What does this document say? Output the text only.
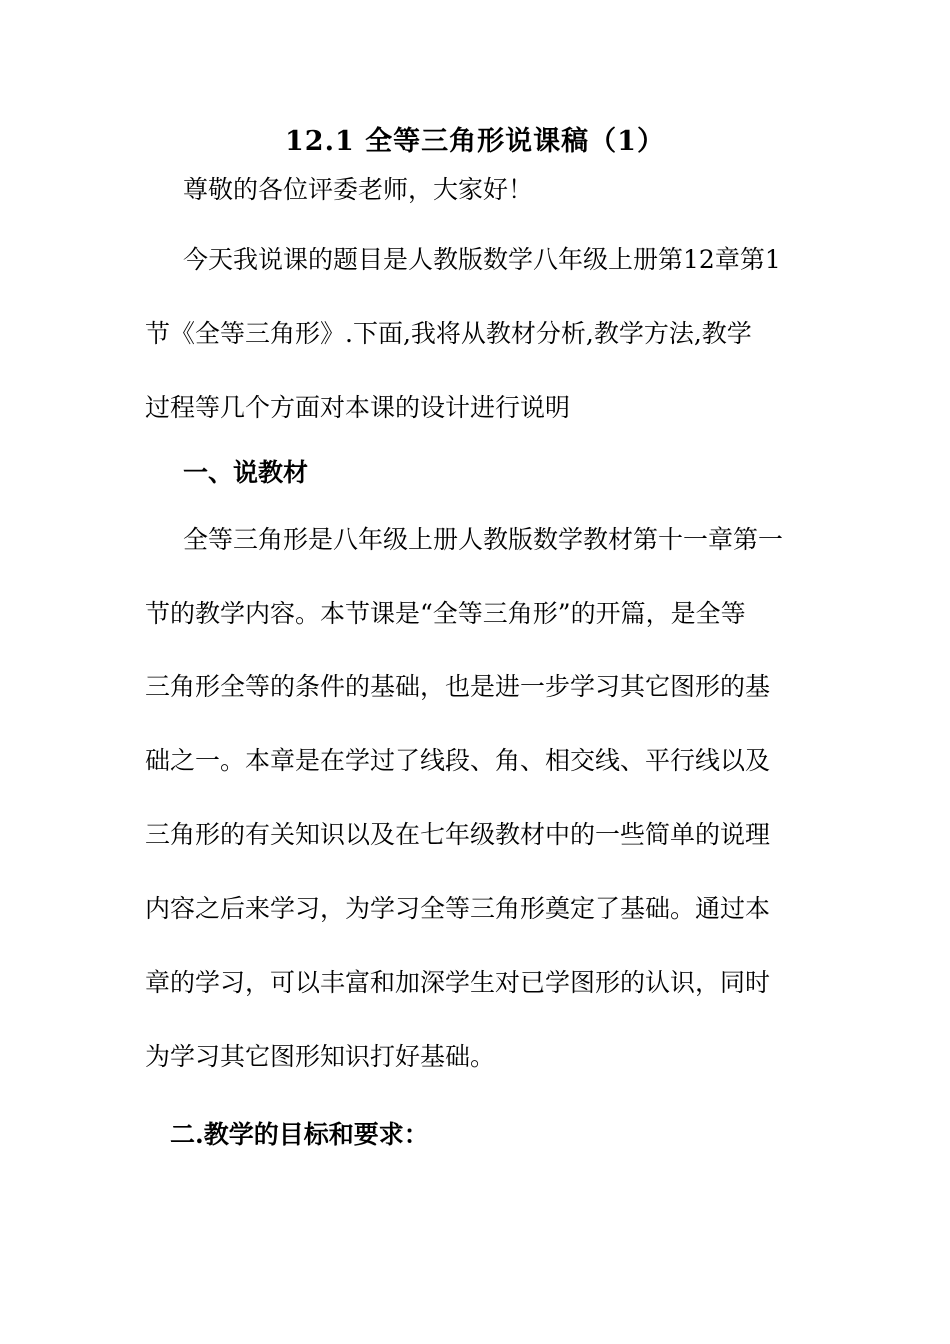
12.1 全等三角形说课稿（1）

尊敬的各位评委老师，大家好！

今天我说课的题目是人教版数学八年级上册第12章第1

节《全等三角形》.下面,我将从教材分析,教学方法,教学

过程等几个方面对本课的设计进行说明

一、说教材

全等三角形是八年级上册人教版数学教材第十一章第一

节的教学内容。本节课是“全等三角形”的开篇，是全等

三角形全等的条件的基础，也是进一步学习其它图形的基

础之一。本章是在学过了线段、角、相交线、平行线以及

三角形的有关知识以及在七年级教材中的一些简单的说理

内容之后来学习，为学习全等三角形奠定了基础。通过本

章的学习，可以丰富和加深学生对已学图形的认识，同时

为学习其它图形知识打好基础。

二.教学的目标和要求：
